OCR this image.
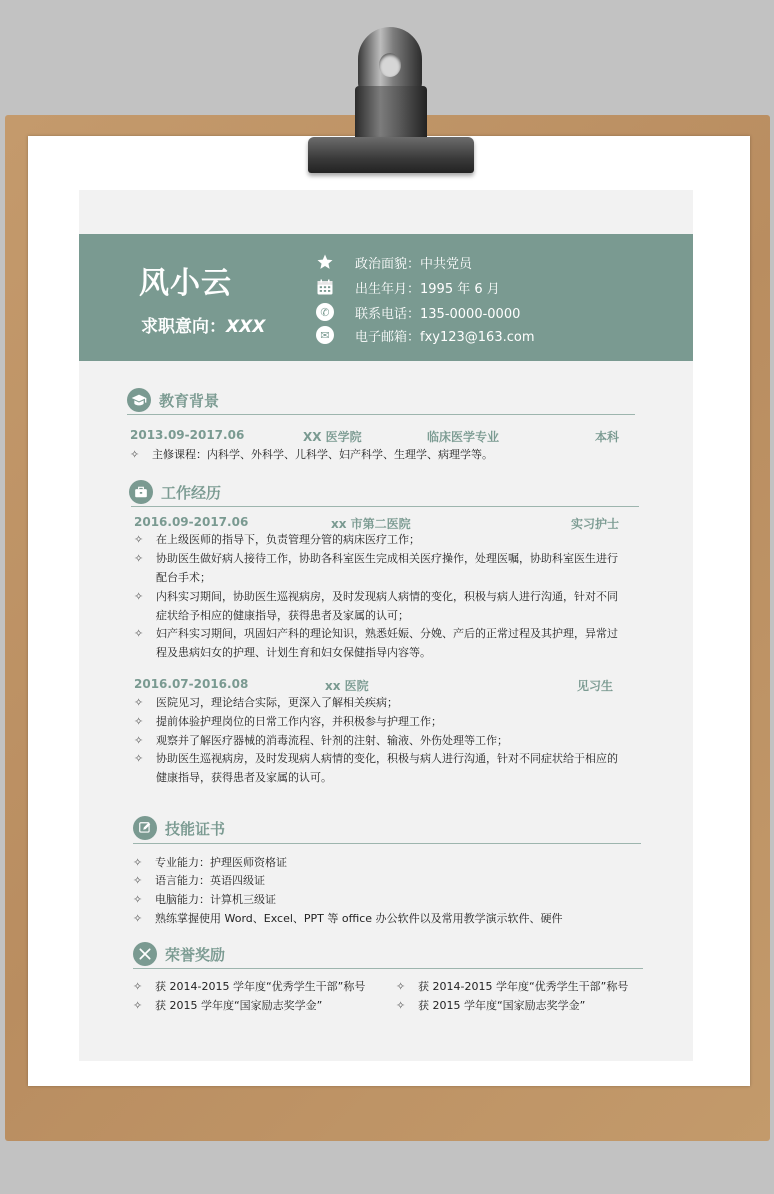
风小云
求职意向：XXX
政治面貌：中共党员
出生年月：1995 年 6 月
✆	联系电话：135-0000-0000
✉	电子邮箱：fxy123@163.com
教育背景
2013.09-2017.06	XX 医学院	临床医学专业	本科
✧	主修课程：内科学、外科学、儿科学、妇产科学、生理学、病理学等。
工作经历
2016.09-2017.06	xx 市第二医院	实习护士
✧	在上级医师的指导下，负责管理分管的病床医疗工作；
✧	协助医生做好病人接待工作，协助各科室医生完成相关医疗操作，处理医嘱，协助科室医生进行
配台手术；
✧	内科实习期间，协助医生巡视病房，及时发现病人病情的变化，积极与病人进行沟通，针对不同
症状给予相应的健康指导，获得患者及家属的认可；
✧	妇产科实习期间，巩固妇产科的理论知识，熟悉妊娠、分娩、产后的正常过程及其护理，异常过
程及患病妇女的护理、计划生育和妇女保健指导内容等。
2016.07-2016.08	xx 医院	见习生
✧	医院见习，理论结合实际，更深入了解相关疾病；
✧	提前体验护理岗位的日常工作内容，并积极参与护理工作；
✧	观察并了解医疗器械的消毒流程、针剂的注射、输液、外伤处理等工作；
✧	协助医生巡视病房，及时发现病人病情的变化，积极与病人进行沟通，针对不同症状给于相应的
健康指导，获得患者及家属的认可。
技能证书
✧	专业能力：护理医师资格证
✧	语言能力：英语四级证
✧	电脑能力：计算机三级证
✧	熟练掌握使用 Word、Excel、PPT 等 office 办公软件以及常用教学演示软件、硬件
荣誉奖励
✧	获 2014-2015 学年度“优秀学生干部”称号
✧	获 2015 学年度“国家励志奖学金”
✧	获 2014-2015 学年度“优秀学生干部”称号
✧	获 2015 学年度“国家励志奖学金”
